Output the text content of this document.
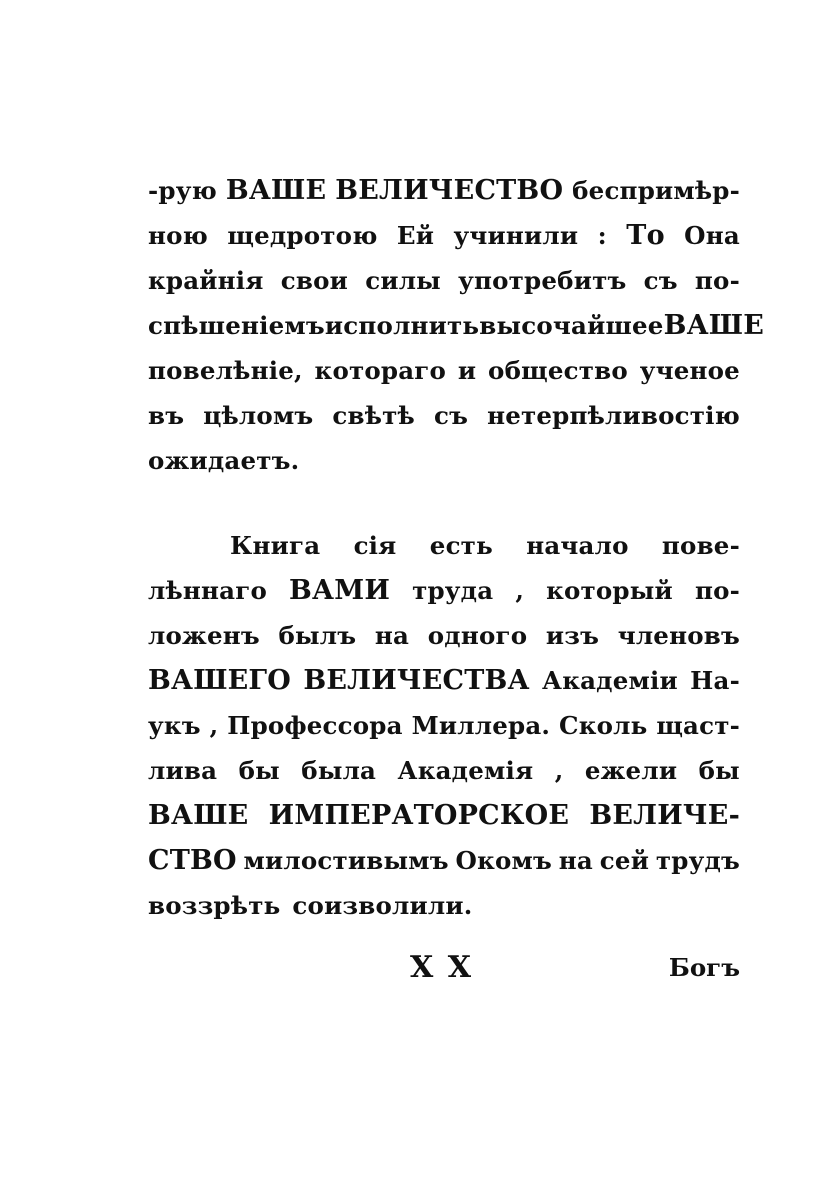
-рую ВАШЕ ВЕЛИЧЕСТВО беспримѣр-
ною щедротою Ей учинили : То Она
крайнія свои силы употребитъ съ по-
спѣшеніемъ исполнить высочайшее ВАШЕ
повелѣніе, котораго и общество ученое
въ цѣломъ свѣтѣ съ нетерпѣливостію
ожидаетъ.
Книга сія есть начало пове-
лѣннаго ВАМИ труда , который по-
ложенъ былъ на одного изъ членовъ
ВАШЕГО ВЕЛИЧЕСТВА Академіи На-
укъ , Профессора Миллера. Сколь щаст-
лива бы была Академія , ежели бы
ВАШЕ ИМПЕРАТОРСКОЕ ВЕЛИЧЕ-
СТВО милостивымъ Окомъ на сей трудъ
воззрѣть соизволили.
X X	Богъ
